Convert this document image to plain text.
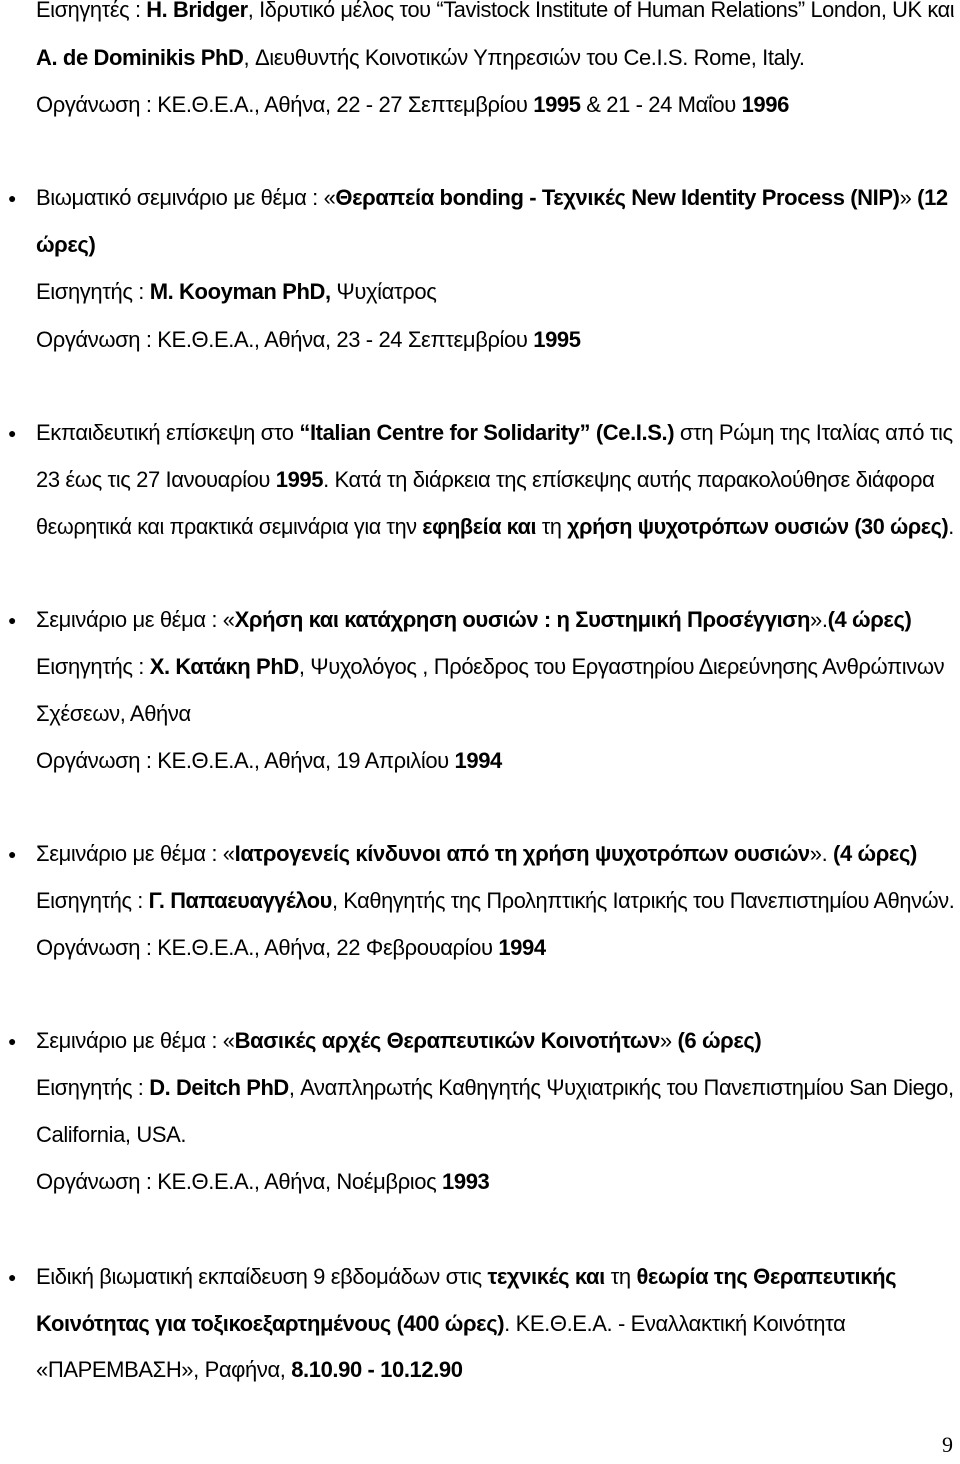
Εισηγητές : H. Bridger, Ιδρυτικό μέλος του “Tavistock Institute of Human Relations” London, UK και
A. de Dominikis PhD, Διευθυντής Κοινοτικών Υπηρεσιών του Ce.I.S. Rome, Italy.
Οργάνωση : ΚΕ.Θ.Ε.Α., Αθήνα, 22 - 27 Σεπτεμβρίου 1995 & 21 - 24 Μαΐου 1996
● Βιωματικό σεμινάριο με θέμα : «Θεραπεία bonding - Τεχνικές New Identity Process (NIP)» (12
ώρες)
Εισηγητής : M. Kooyman PhD, Ψυχίατρος
Οργάνωση : ΚΕ.Θ.Ε.Α., Αθήνα, 23 - 24 Σεπτεμβρίου 1995
● Εκπαιδευτική επίσκεψη στο “Italian Centre for Solidarity” (Ce.I.S.) στη Ρώμη της Ιταλίας από τις
23 έως τις 27 Ιανουαρίου 1995. Κατά τη διάρκεια της επίσκεψης αυτής παρακολούθησε διάφορα
θεωρητικά και πρακτικά σεμινάρια για την εφηβεία και τη χρήση ψυχοτρόπων ουσιών (30 ώρες).
● Σεμινάριο με θέμα : «Χρήση και κατάχρηση ουσιών : η Συστημική Προσέγγιση».(4 ώρες)
Εισηγητής : Χ. Κατάκη PhD, Ψυχολόγος , Πρόεδρος του Εργαστηρίου Διερεύνησης Ανθρώπινων
Σχέσεων, Αθήνα
Οργάνωση : ΚΕ.Θ.Ε.Α., Αθήνα, 19 Απριλίου 1994
● Σεμινάριο με θέμα : «Ιατρογενείς κίνδυνοι από τη χρήση ψυχοτρόπων ουσιών». (4 ώρες)
Εισηγητής : Γ. Παπαευαγγέλου, Καθηγητής της Προληπτικής Ιατρικής του Πανεπιστημίου Αθηνών.
Οργάνωση : ΚΕ.Θ.Ε.Α., Αθήνα, 22 Φεβρουαρίου 1994
● Σεμινάριο με θέμα : «Βασικές αρχές Θεραπευτικών Κοινοτήτων» (6 ώρες)
Εισηγητής : D. Deitch PhD, Αναπληρωτής Καθηγητής Ψυχιατρικής του Πανεπιστημίου San Diego,
California, USA.
Οργάνωση : ΚΕ.Θ.Ε.Α., Αθήνα, Νοέμβριος 1993
● Ειδική βιωματική εκπαίδευση 9 εβδομάδων στις τεχνικές και τη θεωρία της Θεραπευτικής
Κοινότητας για τοξικοεξαρτημένους (400 ώρες). ΚΕ.Θ.Ε.Α. - Εναλλακτική Κοινότητα
«ΠΑΡΕΜΒΑΣΗ», Ραφήνα, 8.10.90 - 10.12.90
9
